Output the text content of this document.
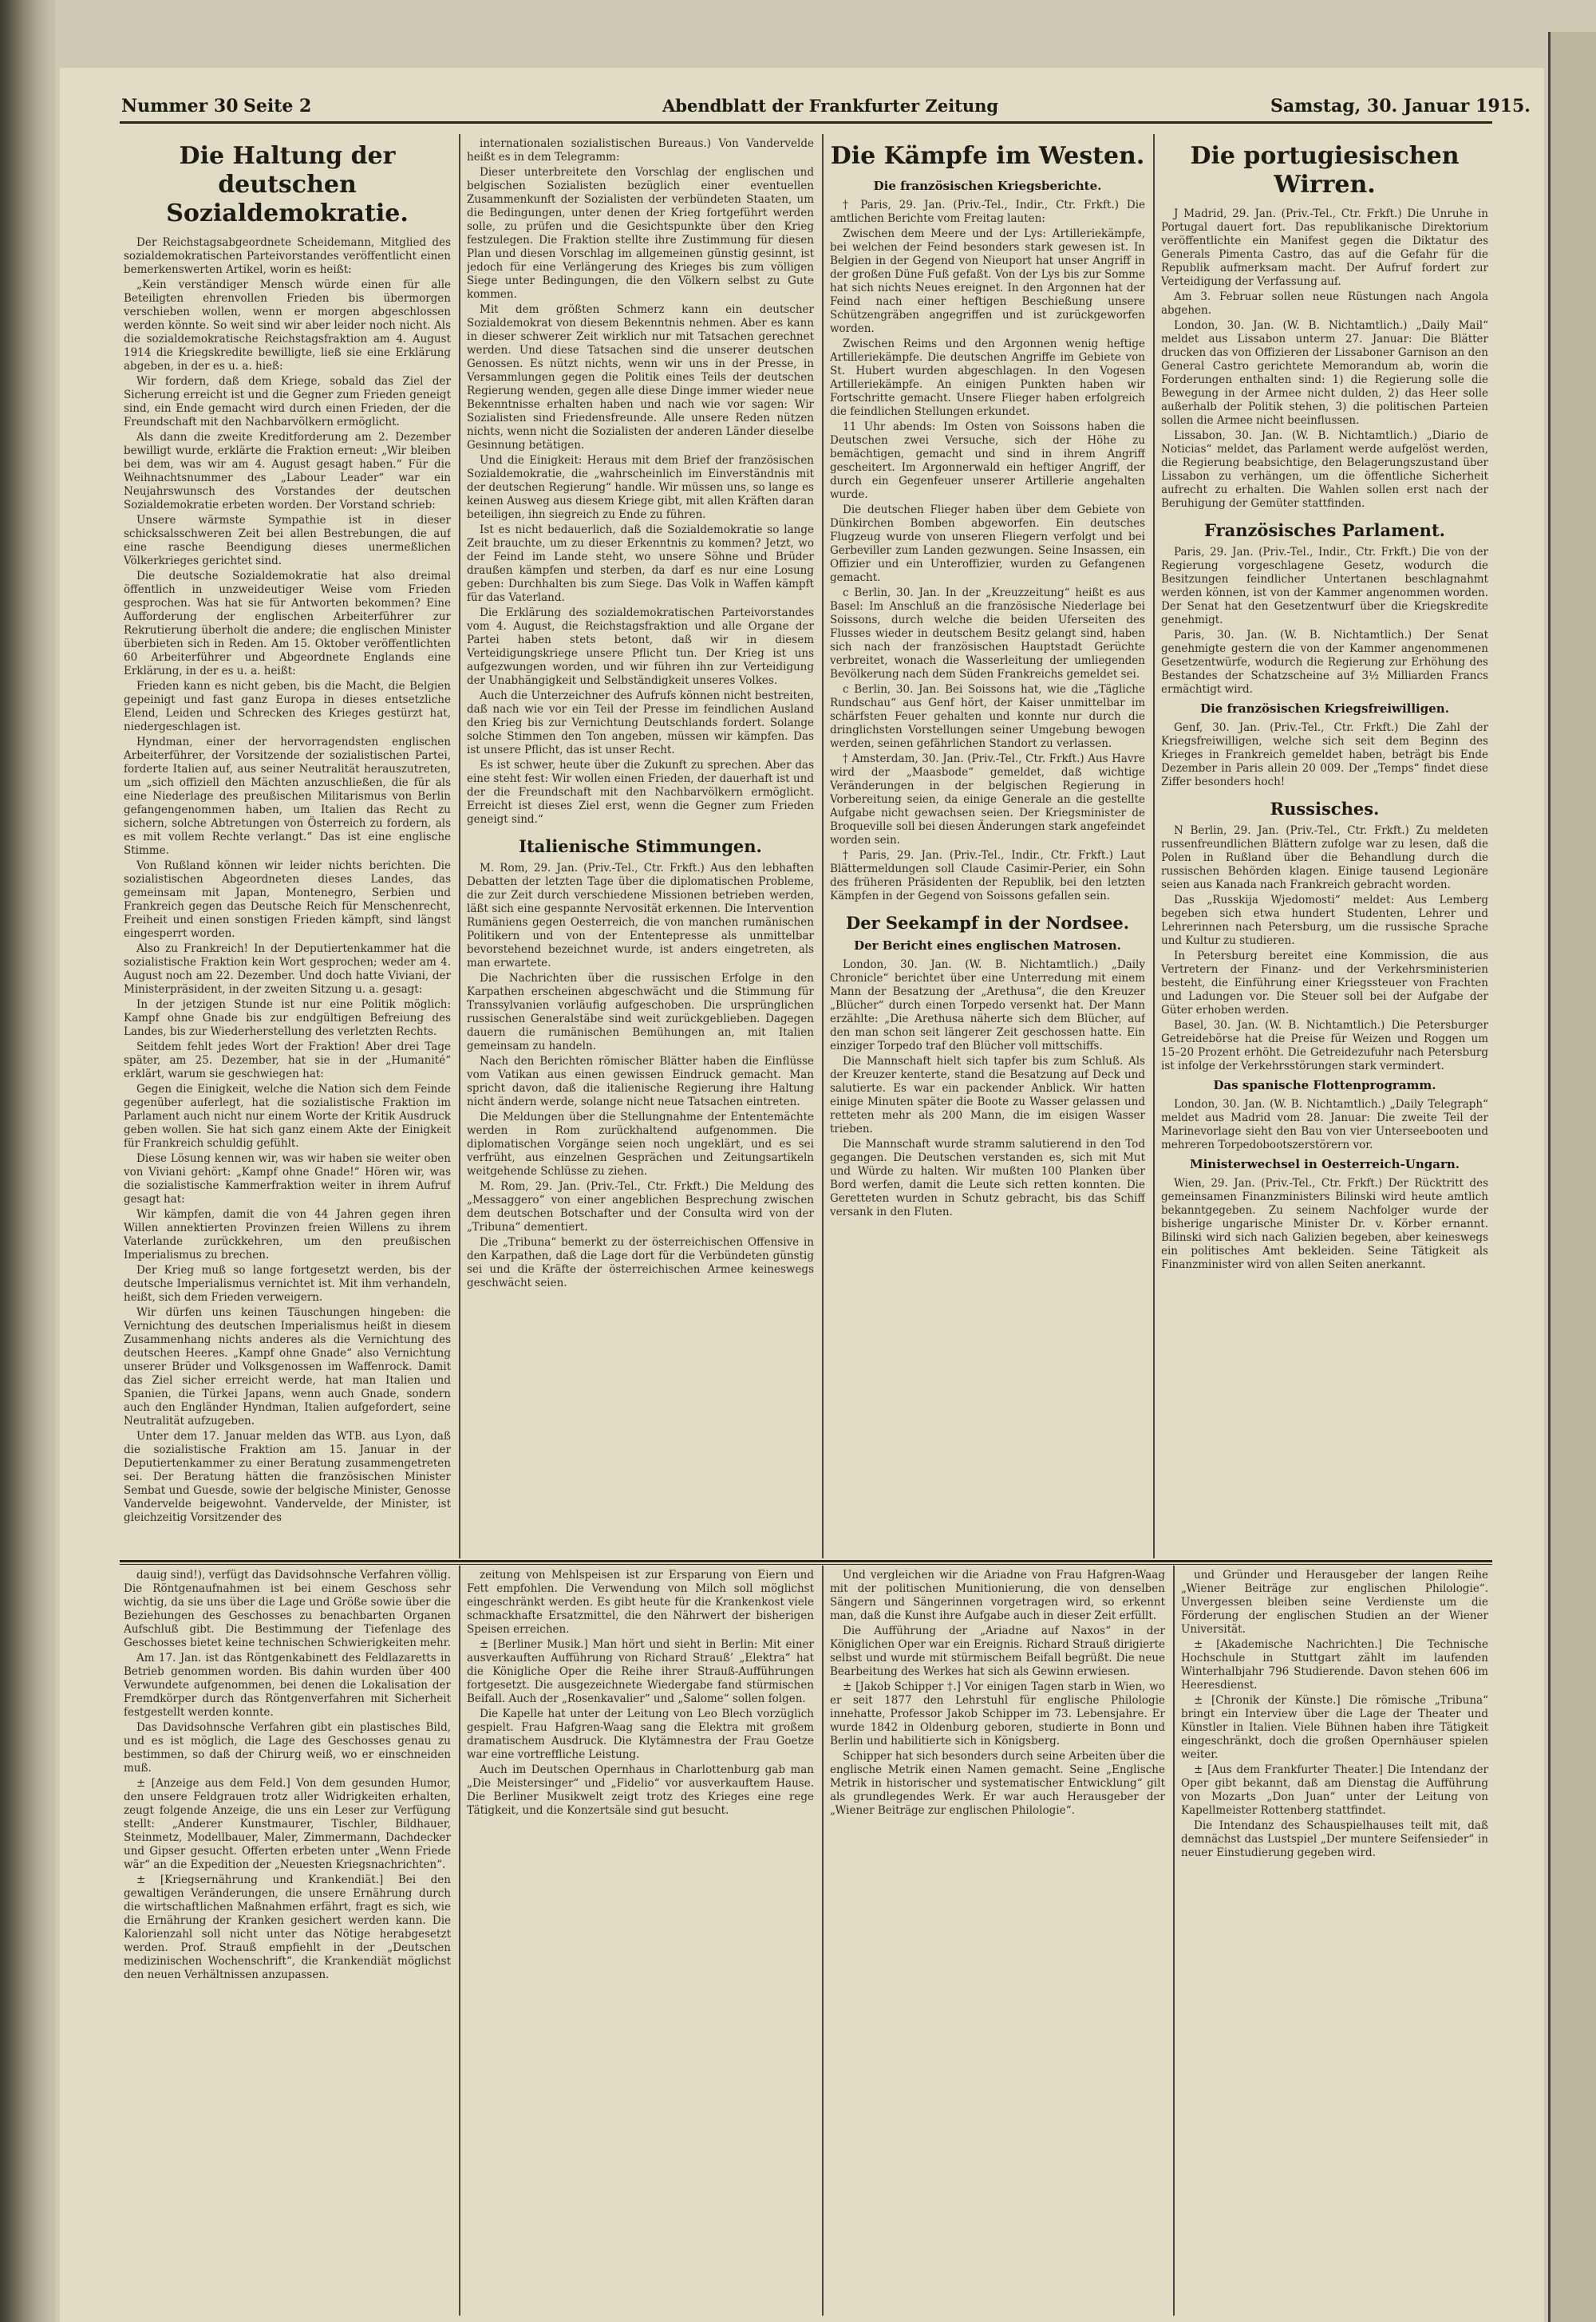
Nummer 30 Seite 2	Abendblatt der Frankfurter Zeitung	Samstag, 30. Januar 1915.
Die Haltung der deutschen Sozialdemokratie.

Der Reichstagsabgeordnete Scheidemann, Mitglied des sozialdemokratischen Parteivorstandes veröffentlicht einen bemerkenswerten Artikel, worin es heißt:

„Kein verständiger Mensch würde einen für alle Beteiligten ehrenvollen Frieden bis übermorgen verschieben wollen, wenn er morgen abgeschlossen werden könnte. So weit sind wir aber leider noch nicht. Als die sozialdemokratische Reichstagsfraktion am 4. August 1914 die Kriegskredite bewilligte, ließ sie eine Erklärung abgeben, in der es u. a. hieß:

Wir fordern, daß dem Kriege, sobald das Ziel der Sicherung erreicht ist und die Gegner zum Frieden geneigt sind, ein Ende gemacht wird durch einen Frieden, der die Freundschaft mit den Nachbarvölkern ermöglicht.

Als dann die zweite Kreditforderung am 2. Dezember bewilligt wurde, erklärte die Fraktion erneut: „Wir bleiben bei dem, was wir am 4. August gesagt haben.“ Für die Weihnachtsnummer des „Labour Leader“ war ein Neujahrswunsch des Vorstandes der deutschen Sozialdemokratie erbeten worden. Der Vorstand schrieb:

Unsere wärmste Sympathie ist in dieser schicksalsschweren Zeit bei allen Bestrebungen, die auf eine rasche Beendigung dieses unermeßlichen Völkerkrieges gerichtet sind.

Die deutsche Sozialdemokratie hat also dreimal öffentlich in unzweideutiger Weise vom Frieden gesprochen. Was hat sie für Antworten bekommen? Eine Aufforderung der englischen Arbeiterführer zur Rekrutierung überholt die andere; die englischen Minister überbieten sich in Reden. Am 15. Oktober veröffentlichten 60 Arbeiterführer und Abgeordnete Englands eine Erklärung, in der es u. a. heißt:

Frieden kann es nicht geben, bis die Macht, die Belgien gepeinigt und fast ganz Europa in dieses entsetzliche Elend, Leiden und Schrecken des Krieges gestürzt hat, niedergeschlagen ist.

Hyndman, einer der hervorragendsten englischen Arbeiterführer, der Vorsitzende der sozialistischen Partei, forderte Italien auf, aus seiner Neutralität herauszutreten, um „sich offiziell den Mächten anzuschließen, die für als eine Niederlage des preußischen Militarismus von Berlin gefangengenommen haben, um Italien das Recht zu sichern, solche Abtretungen von Österreich zu fordern, als es mit vollem Rechte verlangt.“ Das ist eine englische Stimme.

Von Rußland können wir leider nichts berichten. Die sozialistischen Abgeordneten dieses Landes, das gemeinsam mit Japan, Montenegro, Serbien und Frankreich gegen das Deutsche Reich für Menschenrecht, Freiheit und einen sonstigen Frieden kämpft, sind längst eingesperrt worden.

Also zu Frankreich! In der Deputiertenkammer hat die sozialistische Fraktion kein Wort gesprochen; weder am 4. August noch am 22. Dezember. Und doch hatte Viviani, der Ministerpräsident, in der zweiten Sitzung u. a. gesagt:

In der jetzigen Stunde ist nur eine Politik möglich: Kampf ohne Gnade bis zur endgültigen Befreiung des Landes, bis zur Wiederherstellung des verletzten Rechts.

Seitdem fehlt jedes Wort der Fraktion! Aber drei Tage später, am 25. Dezember, hat sie in der „Humanité“ erklärt, warum sie geschwiegen hat:

Gegen die Einigkeit, welche die Nation sich dem Feinde gegenüber auferlegt, hat die sozialistische Fraktion im Parlament auch nicht nur einem Worte der Kritik Ausdruck geben wollen. Sie hat sich ganz einem Akte der Einigkeit für Frankreich schuldig gefühlt.

Diese Lösung kennen wir, was wir haben sie weiter oben von Viviani gehört: „Kampf ohne Gnade!“ Hören wir, was die sozialistische Kammerfraktion weiter in ihrem Aufruf gesagt hat:

Wir kämpfen, damit die von 44 Jahren gegen ihren Willen annektierten Provinzen freien Willens zu ihrem Vaterlande zurückkehren, um den preußischen Imperialismus zu brechen.

Der Krieg muß so lange fortgesetzt werden, bis der deutsche Imperialismus vernichtet ist. Mit ihm verhandeln, heißt, sich dem Frieden verweigern.

Wir dürfen uns keinen Täuschungen hingeben: die Vernichtung des deutschen Imperialismus heißt in diesem Zusammenhang nichts anderes als die Vernichtung des deutschen Heeres. „Kampf ohne Gnade“ also Vernichtung unserer Brüder und Volksgenossen im Waffenrock. Damit das Ziel sicher erreicht werde, hat man Italien und Spanien, die Türkei Japans, wenn auch Gnade, sondern auch den Engländer Hyndman, Italien aufgefordert, seine Neutralität aufzugeben.

Unter dem 17. Januar melden das WTB. aus Lyon, daß die sozialistische Fraktion am 15. Januar in der Deputiertenkammer zu einer Beratung zusammengetreten sei. Der Beratung hätten die französischen Minister Sembat und Guesde, sowie der belgische Minister, Genosse Vandervelde beigewohnt. Vandervelde, der Minister, ist gleichzeitig Vorsitzender des

internationalen sozialistischen Bureaus.) Von Vandervelde heißt es in dem Telegramm:

Dieser unterbreitete den Vorschlag der englischen und belgischen Sozialisten bezüglich einer eventuellen Zusammenkunft der Sozialisten der verbündeten Staaten, um die Bedingungen, unter denen der Krieg fortgeführt werden solle, zu prüfen und die Gesichtspunkte über den Krieg festzulegen. Die Fraktion stellte ihre Zustimmung für diesen Plan und diesen Vorschlag im allgemeinen günstig gesinnt, ist jedoch für eine Verlängerung des Krieges bis zum völligen Siege unter Bedingungen, die den Völkern selbst zu Gute kommen.

Mit dem größten Schmerz kann ein deutscher Sozialdemokrat von diesem Bekenntnis nehmen. Aber es kann in dieser schwerer Zeit wirklich nur mit Tatsachen gerechnet werden. Und diese Tatsachen sind die unserer deutschen Genossen. Es nützt nichts, wenn wir uns in der Presse, in Versammlungen gegen die Politik eines Teils der deutschen Regierung wenden, gegen alle diese Dinge immer wieder neue Bekenntnisse erhalten haben und nach wie vor sagen: Wir Sozialisten sind Friedensfreunde. Alle unsere Reden nützen nichts, wenn nicht die Sozialisten der anderen Länder dieselbe Gesinnung betätigen.

Und die Einigkeit: Heraus mit dem Brief der französischen Sozialdemokratie, die „wahrscheinlich im Einverständnis mit der deutschen Regierung“ handle. Wir müssen uns, so lange es keinen Ausweg aus diesem Kriege gibt, mit allen Kräften daran beteiligen, ihn siegreich zu Ende zu führen.

Ist es nicht bedauerlich, daß die Sozialdemokratie so lange Zeit brauchte, um zu dieser Erkenntnis zu kommen? Jetzt, wo der Feind im Lande steht, wo unsere Söhne und Brüder draußen kämpfen und sterben, da darf es nur eine Losung geben: Durchhalten bis zum Siege. Das Volk in Waffen kämpft für das Vaterland.

Die Erklärung des sozialdemokratischen Parteivorstandes vom 4. August, die Reichstagsfraktion und alle Organe der Partei haben stets betont, daß wir in diesem Verteidigungskriege unsere Pflicht tun. Der Krieg ist uns aufgezwungen worden, und wir führen ihn zur Verteidigung der Unabhängigkeit und Selbständigkeit unseres Volkes.

Auch die Unterzeichner des Aufrufs können nicht bestreiten, daß nach wie vor ein Teil der Presse im feindlichen Ausland den Krieg bis zur Vernichtung Deutschlands fordert. Solange solche Stimmen den Ton angeben, müssen wir kämpfen. Das ist unsere Pflicht, das ist unser Recht.

Es ist schwer, heute über die Zukunft zu sprechen. Aber das eine steht fest: Wir wollen einen Frieden, der dauerhaft ist und der die Freundschaft mit den Nachbarvölkern ermöglicht. Erreicht ist dieses Ziel erst, wenn die Gegner zum Frieden geneigt sind.“

Italienische Stimmungen.

M. Rom, 29. Jan. (Priv.-Tel., Ctr. Frkft.) Aus den lebhaften Debatten der letzten Tage über die diplomatischen Probleme, die zur Zeit durch verschiedene Missionen betrieben werden, läßt sich eine gespannte Nervosität erkennen. Die Intervention Rumäniens gegen Oesterreich, die von manchen rumänischen Politikern und von der Ententepresse als unmittelbar bevorstehend bezeichnet wurde, ist anders eingetreten, als man erwartete.

Die Nachrichten über die russischen Erfolge in den Karpathen erscheinen abgeschwächt und die Stimmung für Transsylvanien vorläufig aufgeschoben. Die ursprünglichen russischen Generalstäbe sind weit zurückgeblieben. Dagegen dauern die rumänischen Bemühungen an, mit Italien gemeinsam zu handeln.

Nach den Berichten römischer Blätter haben die Einflüsse vom Vatikan aus einen gewissen Eindruck gemacht. Man spricht davon, daß die italienische Regierung ihre Haltung nicht ändern werde, solange nicht neue Tatsachen eintreten.

Die Meldungen über die Stellungnahme der Ententemächte werden in Rom zurückhaltend aufgenommen. Die diplomatischen Vorgänge seien noch ungeklärt, und es sei verfrüht, aus einzelnen Gesprächen und Zeitungsartikeln weitgehende Schlüsse zu ziehen.

M. Rom, 29. Jan. (Priv.-Tel., Ctr. Frkft.) Die Meldung des „Messaggero“ von einer angeblichen Besprechung zwischen dem deutschen Botschafter und der Consulta wird von der „Tribuna“ dementiert.

Die „Tribuna“ bemerkt zu der österreichischen Offensive in den Karpathen, daß die Lage dort für die Verbündeten günstig sei und die Kräfte der österreichischen Armee keineswegs geschwächt seien.

Die Kämpfe im Westen.
Die französischen Kriegsberichte.

† Paris, 29. Jan. (Priv.-Tel., Indir., Ctr. Frkft.) Die amtlichen Berichte vom Freitag lauten:

Zwischen dem Meere und der Lys: Artilleriekämpfe, bei welchen der Feind besonders stark gewesen ist. In Belgien in der Gegend von Nieuport hat unser Angriff in der großen Düne Fuß gefaßt. Von der Lys bis zur Somme hat sich nichts Neues ereignet. In den Argonnen hat der Feind nach einer heftigen Beschießung unsere Schützengräben angegriffen und ist zurückgeworfen worden.

Zwischen Reims und den Argonnen wenig heftige Artilleriekämpfe. Die deutschen Angriffe im Gebiete von St. Hubert wurden abgeschlagen. In den Vogesen Artilleriekämpfe. An einigen Punkten haben wir Fortschritte gemacht. Unsere Flieger haben erfolgreich die feindlichen Stellungen erkundet.

11 Uhr abends: Im Osten von Soissons haben die Deutschen zwei Versuche, sich der Höhe zu bemächtigen, gemacht und sind in ihrem Angriff gescheitert. Im Argonnerwald ein heftiger Angriff, der durch ein Gegenfeuer unserer Artillerie angehalten wurde.

Die deutschen Flieger haben über dem Gebiete von Dünkirchen Bomben abgeworfen. Ein deutsches Flugzeug wurde von unseren Fliegern verfolgt und bei Gerbeviller zum Landen gezwungen. Seine Insassen, ein Offizier und ein Unteroffizier, wurden zu Gefangenen gemacht.

c Berlin, 30. Jan. In der „Kreuzzeitung“ heißt es aus Basel: Im Anschluß an die französische Niederlage bei Soissons, durch welche die beiden Uferseiten des Flusses wieder in deutschem Besitz gelangt sind, haben sich nach der französischen Hauptstadt Gerüchte verbreitet, wonach die Wasserleitung der umliegenden Bevölkerung nach dem Süden Frankreichs gemeldet sei.

c Berlin, 30. Jan. Bei Soissons hat, wie die „Tägliche Rundschau“ aus Genf hört, der Kaiser unmittelbar im schärfsten Feuer gehalten und konnte nur durch die dringlichsten Vorstellungen seiner Umgebung bewogen werden, seinen gefährlichen Standort zu verlassen.

† Amsterdam, 30. Jan. (Priv.-Tel., Ctr. Frkft.) Aus Havre wird der „Maasbode“ gemeldet, daß wichtige Veränderungen in der belgischen Regierung in Vorbereitung seien, da einige Generale an die gestellte Aufgabe nicht gewachsen seien. Der Kriegsminister de Broqueville soll bei diesen Änderungen stark angefeindet worden sein.

† Paris, 29. Jan. (Priv.-Tel., Indir., Ctr. Frkft.) Laut Blättermeldungen soll Claude Casimir-Perier, ein Sohn des früheren Präsidenten der Republik, bei den letzten Kämpfen in der Gegend von Soissons gefallen sein.

Der Seekampf in der Nordsee.
Der Bericht eines englischen Matrosen.

London, 30. Jan. (W. B. Nichtamtlich.) „Daily Chronicle“ berichtet über eine Unterredung mit einem Mann der Besatzung der „Arethusa“, die den Kreuzer „Blücher“ durch einen Torpedo versenkt hat. Der Mann erzählte: „Die Arethusa näherte sich dem Blücher, auf den man schon seit längerer Zeit geschossen hatte. Ein einziger Torpedo traf den Blücher voll mittschiffs.

Die Mannschaft hielt sich tapfer bis zum Schluß. Als der Kreuzer kenterte, stand die Besatzung auf Deck und salutierte. Es war ein packender Anblick. Wir hatten einige Minuten später die Boote zu Wasser gelassen und retteten mehr als 200 Mann, die im eisigen Wasser trieben.

Die Mannschaft wurde stramm salutierend in den Tod gegangen. Die Deutschen verstanden es, sich mit Mut und Würde zu halten. Wir mußten 100 Planken über Bord werfen, damit die Leute sich retten konnten. Die Geretteten wurden in Schutz gebracht, bis das Schiff versank in den Fluten.

Die portugiesischen Wirren.

J Madrid, 29. Jan. (Priv.-Tel., Ctr. Frkft.) Die Unruhe in Portugal dauert fort. Das republikanische Direktorium veröffentlichte ein Manifest gegen die Diktatur des Generals Pimenta Castro, das auf die Gefahr für die Republik aufmerksam macht. Der Aufruf fordert zur Verteidigung der Verfassung auf.

Am 3. Februar sollen neue Rüstungen nach Angola abgehen.

London, 30. Jan. (W. B. Nichtamtlich.) „Daily Mail“ meldet aus Lissabon unterm 27. Januar: Die Blätter drucken das von Offizieren der Lissaboner Garnison an den General Castro gerichtete Memorandum ab, worin die Forderungen enthalten sind: 1) die Regierung solle die Bewegung in der Armee nicht dulden, 2) das Heer solle außerhalb der Politik stehen, 3) die politischen Parteien sollen die Armee nicht beeinflussen.

Lissabon, 30. Jan. (W. B. Nichtamtlich.) „Diario de Noticias“ meldet, das Parlament werde aufgelöst werden, die Regierung beabsichtige, den Belagerungszustand über Lissabon zu verhängen, um die öffentliche Sicherheit aufrecht zu erhalten. Die Wahlen sollen erst nach der Beruhigung der Gemüter stattfinden.

Französisches Parlament.

Paris, 29. Jan. (Priv.-Tel., Indir., Ctr. Frkft.) Die von der Regierung vorgeschlagene Gesetz, wodurch die Besitzungen feindlicher Untertanen beschlagnahmt werden können, ist von der Kammer angenommen worden. Der Senat hat den Gesetzentwurf über die Kriegskredite genehmigt.

Paris, 30. Jan. (W. B. Nichtamtlich.) Der Senat genehmigte gestern die von der Kammer angenommenen Gesetzentwürfe, wodurch die Regierung zur Erhöhung des Bestandes der Schatzscheine auf 3½ Milliarden Francs ermächtigt wird.

Die französischen Kriegsfreiwilligen.

Genf, 30. Jan. (Priv.-Tel., Ctr. Frkft.) Die Zahl der Kriegsfreiwilligen, welche sich seit dem Beginn des Krieges in Frankreich gemeldet haben, beträgt bis Ende Dezember in Paris allein 20 009. Der „Temps“ findet diese Ziffer besonders hoch!

Russisches.

N Berlin, 29. Jan. (Priv.-Tel., Ctr. Frkft.) Zu meldeten russenfreundlichen Blättern zufolge war zu lesen, daß die Polen in Rußland über die Behandlung durch die russischen Behörden klagen. Einige tausend Legionäre seien aus Kanada nach Frankreich gebracht worden.

Das „Russkija Wjedomosti“ meldet: Aus Lemberg begeben sich etwa hundert Studenten, Lehrer und Lehrerinnen nach Petersburg, um die russische Sprache und Kultur zu studieren.

In Petersburg bereitet eine Kommission, die aus Vertretern der Finanz- und der Verkehrsministerien besteht, die Einführung einer Kriegssteuer von Frachten und Ladungen vor. Die Steuer soll bei der Aufgabe der Güter erhoben werden.

Basel, 30. Jan. (W. B. Nichtamtlich.) Die Petersburger Getreidebörse hat die Preise für Weizen und Roggen um 15–20 Prozent erhöht. Die Getreidezufuhr nach Petersburg ist infolge der Verkehrsstörungen stark vermindert.

Das spanische Flottenprogramm.

London, 30. Jan. (W. B. Nichtamtlich.) „Daily Telegraph“ meldet aus Madrid vom 28. Januar: Die zweite Teil der Marinevorlage sieht den Bau von vier Unterseebooten und mehreren Torpedobootszerstörern vor.

Ministerwechsel in Oesterreich-Ungarn.

Wien, 29. Jan. (Priv.-Tel., Ctr. Frkft.) Der Rücktritt des gemeinsamen Finanzministers Bilinski wird heute amtlich bekanntgegeben. Zu seinem Nachfolger wurde der bisherige ungarische Minister Dr. v. Körber ernannt. Bilinski wird sich nach Galizien begeben, aber keineswegs ein politisches Amt bekleiden. Seine Tätigkeit als Finanzminister wird von allen Seiten anerkannt.

dauig sind!), verfügt das Davidsohnsche Verfahren völlig. Die Röntgenaufnahmen ist bei einem Geschoss sehr wichtig, da sie uns über die Lage und Größe sowie über die Beziehungen des Geschosses zu benachbarten Organen Aufschluß gibt. Die Bestimmung der Tiefenlage des Geschosses bietet keine technischen Schwierigkeiten mehr.

Am 17. Jan. ist das Röntgenkabinett des Feldlazaretts in Betrieb genommen worden. Bis dahin wurden über 400 Verwundete aufgenommen, bei denen die Lokalisation der Fremdkörper durch das Röntgenverfahren mit Sicherheit festgestellt werden konnte.

Das Davidsohnsche Verfahren gibt ein plastisches Bild, und es ist möglich, die Lage des Geschosses genau zu bestimmen, so daß der Chirurg weiß, wo er einschneiden muß.

± [Anzeige aus dem Feld.] Von dem gesunden Humor, den unsere Feldgrauen trotz aller Widrigkeiten erhalten, zeugt folgende Anzeige, die uns ein Leser zur Verfügung stellt: „Anderer Kunstmaurer, Tischler, Bildhauer, Steinmetz, Modellbauer, Maler, Zimmermann, Dachdecker und Gipser gesucht. Offerten erbeten unter „Wenn Friede wär“ an die Expedition der „Neuesten Kriegsnachrichten“.

± [Kriegsernährung und Krankendiät.] Bei den gewaltigen Veränderungen, die unsere Ernährung durch die wirtschaftlichen Maßnahmen erfährt, fragt es sich, wie die Ernährung der Kranken gesichert werden kann. Die Kalorienzahl soll nicht unter das Nötige herabgesetzt werden. Prof. Strauß empfiehlt in der „Deutschen medizinischen Wochenschrift“, die Krankendiät möglichst den neuen Verhältnissen anzupassen.

zeitung von Mehlspeisen ist zur Ersparung von Eiern und Fett empfohlen. Die Verwendung von Milch soll möglichst eingeschränkt werden. Es gibt heute für die Krankenkost viele schmackhafte Ersatzmittel, die den Nährwert der bisherigen Speisen erreichen.

± [Berliner Musik.] Man hört und sieht in Berlin: Mit einer ausverkauften Aufführung von Richard Strauß’ „Elektra“ hat die Königliche Oper die Reihe ihrer Strauß-Aufführungen fortgesetzt. Die ausgezeichnete Wiedergabe fand stürmischen Beifall. Auch der „Rosenkavalier“ und „Salome“ sollen folgen.

Die Kapelle hat unter der Leitung von Leo Blech vorzüglich gespielt. Frau Hafgren-Waag sang die Elektra mit großem dramatischem Ausdruck. Die Klytämnestra der Frau Goetze war eine vortreffliche Leistung.

Auch im Deutschen Opernhaus in Charlottenburg gab man „Die Meistersinger“ und „Fidelio“ vor ausverkauftem Hause. Die Berliner Musikwelt zeigt trotz des Krieges eine rege Tätigkeit, und die Konzertsäle sind gut besucht.

Und vergleichen wir die Ariadne von Frau Hafgren-Waag mit der politischen Munitionierung, die von denselben Sängern und Sängerinnen vorgetragen wird, so erkennt man, daß die Kunst ihre Aufgabe auch in dieser Zeit erfüllt.

Die Aufführung der „Ariadne auf Naxos“ in der Königlichen Oper war ein Ereignis. Richard Strauß dirigierte selbst und wurde mit stürmischem Beifall begrüßt. Die neue Bearbeitung des Werkes hat sich als Gewinn erwiesen.

± [Jakob Schipper †.] Vor einigen Tagen starb in Wien, wo er seit 1877 den Lehrstuhl für englische Philologie innehatte, Professor Jakob Schipper im 73. Lebensjahre. Er wurde 1842 in Oldenburg geboren, studierte in Bonn und Berlin und habilitierte sich in Königsberg.

Schipper hat sich besonders durch seine Arbeiten über die englische Metrik einen Namen gemacht. Seine „Englische Metrik in historischer und systematischer Entwicklung“ gilt als grundlegendes Werk. Er war auch Herausgeber der „Wiener Beiträge zur englischen Philologie“.

und Gründer und Herausgeber der langen Reihe „Wiener Beiträge zur englischen Philologie“. Unvergessen bleiben seine Verdienste um die Förderung der englischen Studien an der Wiener Universität.

± [Akademische Nachrichten.] Die Technische Hochschule in Stuttgart zählt im laufenden Winterhalbjahr 796 Studierende. Davon stehen 606 im Heeresdienst.

± [Chronik der Künste.] Die römische „Tribuna“ bringt ein Interview über die Lage der Theater und Künstler in Italien. Viele Bühnen haben ihre Tätigkeit eingeschränkt, doch die großen Opernhäuser spielen weiter.

± [Aus dem Frankfurter Theater.] Die Intendanz der Oper gibt bekannt, daß am Dienstag die Aufführung von Mozarts „Don Juan“ unter der Leitung von Kapellmeister Rottenberg stattfindet.

Die Intendanz des Schauspielhauses teilt mit, daß demnächst das Lustspiel „Der muntere Seifensieder“ in neuer Einstudierung gegeben wird.
